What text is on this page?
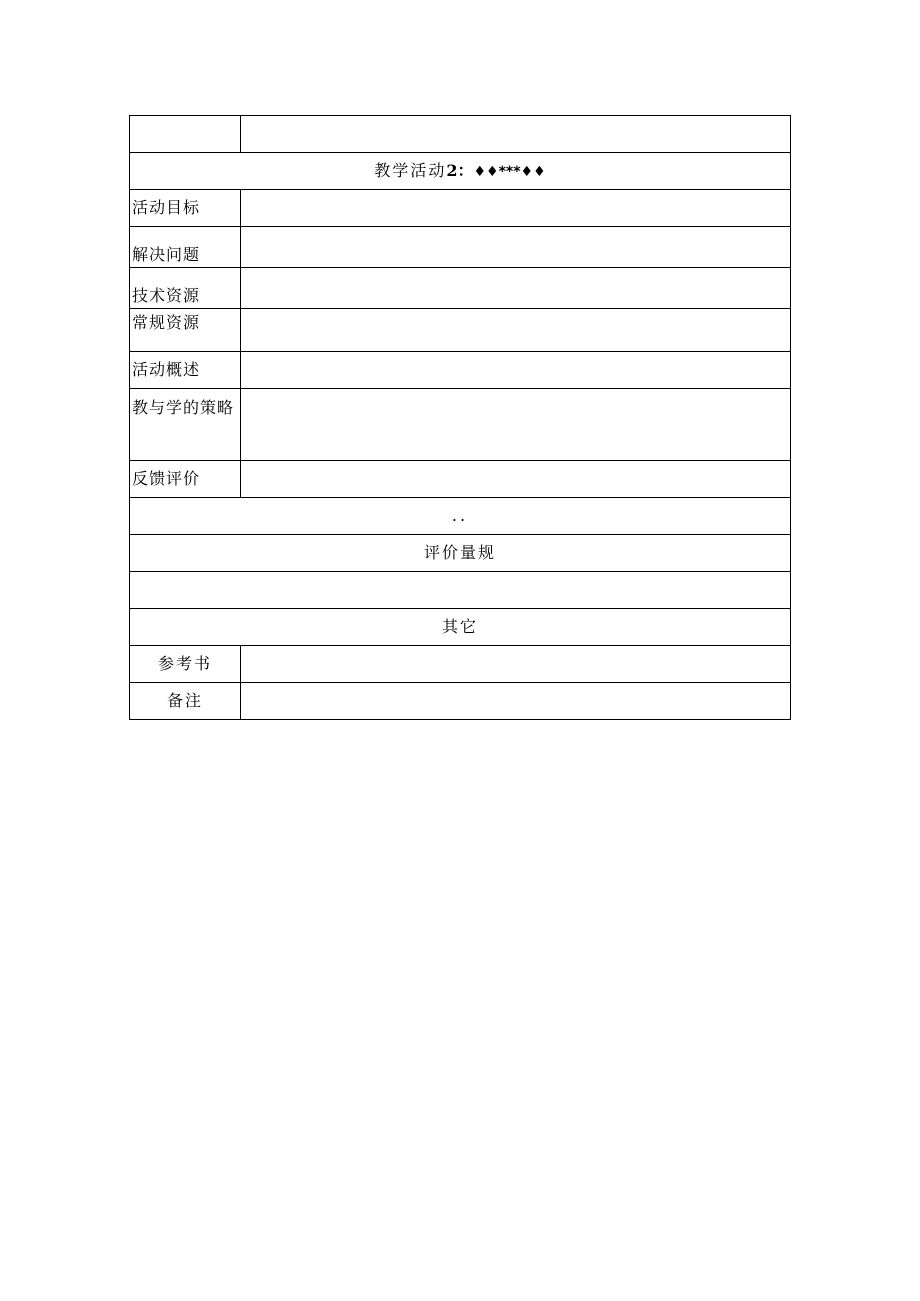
教学活动2：♦♦***♦♦	
活动目标	
解决问题	
技术资源	
常规资源	
活动概述	
教与学的策略	
反馈评价	
..	
评价量规	

其它	
参考书	
备注	
